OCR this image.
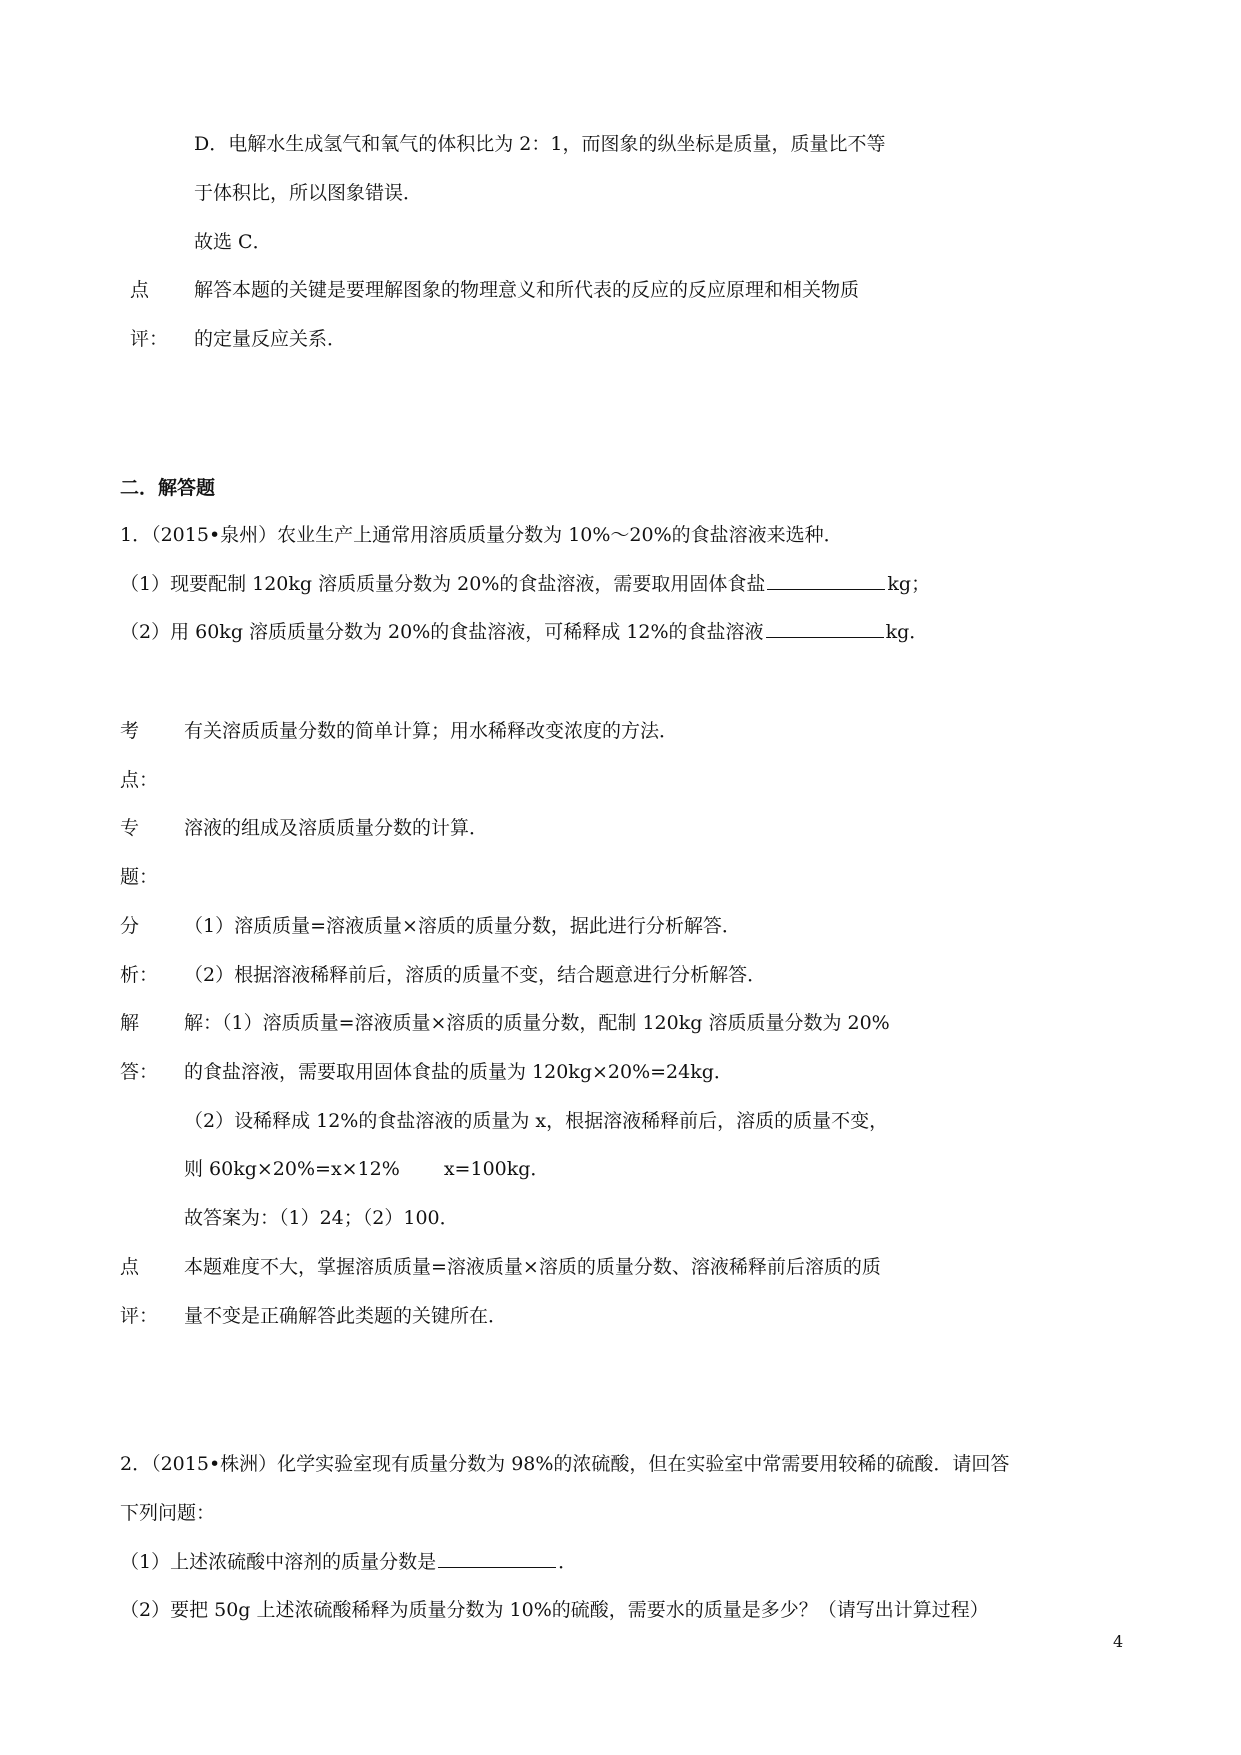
D．电解水生成氢气和氧气的体积比为 2：1，而图象的纵坐标是质量，质量比不等
于体积比，所以图象错误．
故选 C．
点
评：
解答本题的关键是要理解图象的物理意义和所代表的反应的反应原理和相关物质
的定量反应关系．
二．解答题
1．（2015•泉州）农业生产上通常用溶质质量分数为 10%～20%的食盐溶液来选种．
（1）现要配制 120kg 溶质质量分数为 20%的食盐溶液，需要取用固体食盐	kg；
（2）用 60kg 溶质质量分数为 20%的食盐溶液，可稀释成 12%的食盐溶液	kg．
考
点：
有关溶质质量分数的简单计算；用水稀释改变浓度的方法．
专
题：
溶液的组成及溶质质量分数的计算．
分
析：
（1）溶质质量=溶液质量×溶质的质量分数，据此进行分析解答．
（2）根据溶液稀释前后，溶质的质量不变，结合题意进行分析解答．
解
答：
解：（1）溶质质量=溶液质量×溶质的质量分数，配制 120kg 溶质质量分数为 20%
的食盐溶液，需要取用固体食盐的质量为 120kg×20%=24kg．
（2）设稀释成 12%的食盐溶液的质量为 x，根据溶液稀释前后，溶质的质量不变，
则 60kg×20%=x×12% x=100kg．
故答案为：（1）24；（2）100．
点
评：
本题难度不大，掌握溶质质量=溶液质量×溶质的质量分数、溶液稀释前后溶质的质
量不变是正确解答此类题的关键所在．
2．（2015•株洲）化学实验室现有质量分数为 98%的浓硫酸，但在实验室中常需要用较稀的硫酸．请回答
下列问题：
（1）上述浓硫酸中溶剂的质量分数是	．
（2）要把 50g 上述浓硫酸稀释为质量分数为 10%的硫酸，需要水的质量是多少？（请写出计算过程）
4
